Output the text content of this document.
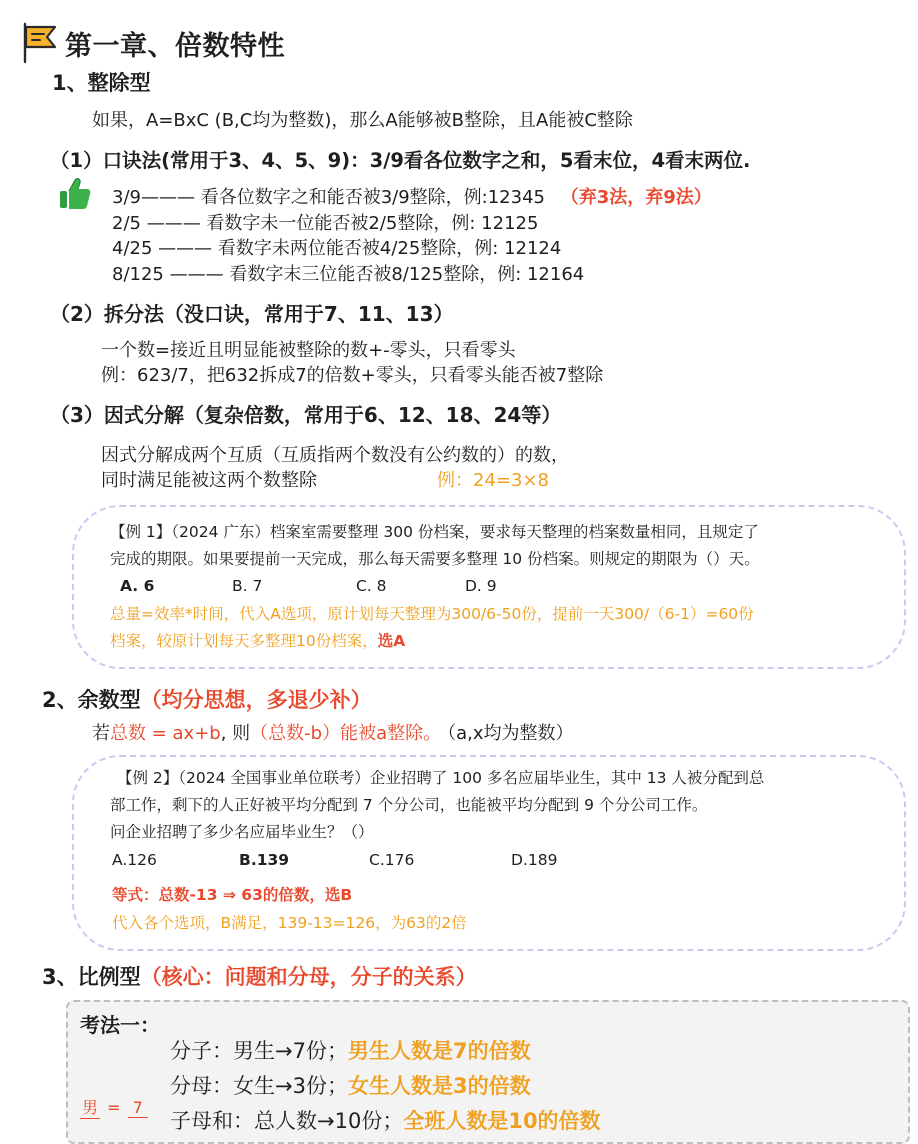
第一章、倍数特性
1、整除型
如果，A=BxC (B,C均为整数)，那么A能够被B整除，且A能被C整除
（1）口诀法(常用于3、4、5、9)：3/9看各位数字之和，5看末位，4看末两位.
3/9——— 看各位数字之和能否被3/9整除，例:12345 （弃3法，弃9法）
2/5 ——— 看数字未一位能否被2/5整除，例: 12125
4/25 ——— 看数字未两位能否被4/25整除，例: 12124
8/125 ——— 看数字末三位能否被8/125整除，例: 12164
（2）拆分法（没口诀，常用于7、11、13）
一个数=接近且明显能被整除的数+-零头，只看零头
例：623/7，把632拆成7的倍数+零头，只看零头能否被7整除
（3）因式分解（复杂倍数，常用于6、12、18、24等）
因式分解成两个互质（互质指两个数没有公约数的）的数，
同时满足能被这两个数整除	例：24=3×8
【例 1】（2024 广东）档案室需要整理 300 份档案，要求每天整理的档案数量相同，且规定了
完成的期限。如果要提前一天完成，那么每天需要多整理 10 份档案。则规定的期限为（）天。
A. 6	B. 7	C. 8	D. 9
总量=效率*时间，代入A选项，原计划每天整理为300/6-50份，提前一天300/（6-1）=60份
档案，较原计划每天多整理10份档案，选A
2、余数型（均分思想，多退少补）
若总数 = ax+b, 则（总数-b）能被a整除。 （a,x均为整数）
【例 2】（2024 全国事业单位联考）企业招聘了 100 多名应届毕业生，其中 13 人被分配到总
部工作，剩下的人正好被平均分配到 7 个分公司，也能被平均分配到 9 个分公司工作。
问企业招聘了多少名应届毕业生？（）
A.126	B.139	C.176	D.189
等式：总数-13 ⇒ 63的倍数，选B
代入各个选项，B满足，139-13=126，为63的2倍
3、比例型（核心：问题和分母，分子的关系）
考法一：
分子：男生→7份；男生人数是7的倍数
分母：女生→3份；女生人数是3的倍数
子母和：总人数→10份；全班人数是10的倍数
男 = 7
